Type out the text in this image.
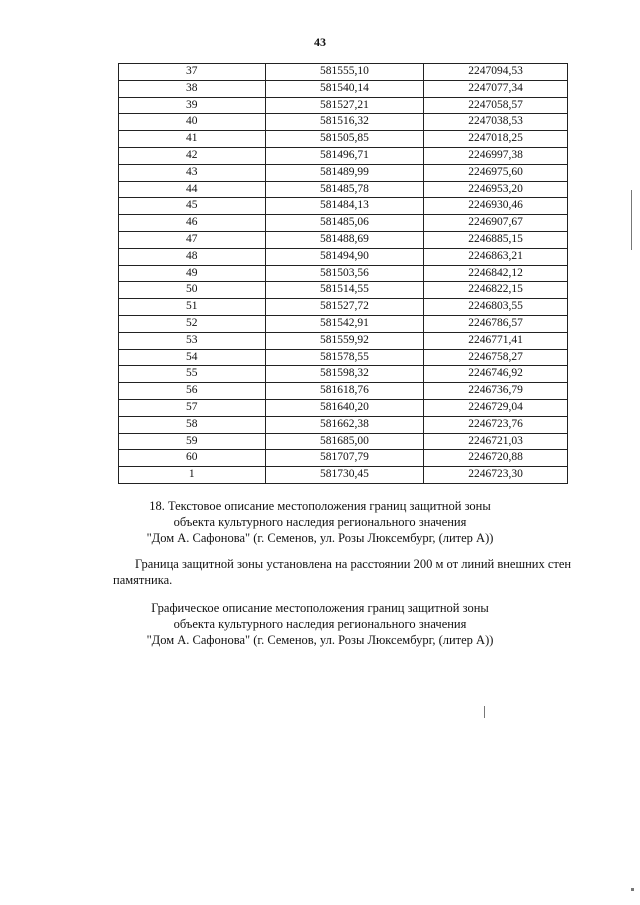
43
37	581555,10	2247094,53
38	581540,14	2247077,34
39	581527,21	2247058,57
40	581516,32	2247038,53
41	581505,85	2247018,25
42	581496,71	2246997,38
43	581489,99	2246975,60
44	581485,78	2246953,20
45	581484,13	2246930,46
46	581485,06	2246907,67
47	581488,69	2246885,15
48	581494,90	2246863,21
49	581503,56	2246842,12
50	581514,55	2246822,15
51	581527,72	2246803,55
52	581542,91	2246786,57
53	581559,92	2246771,41
54	581578,55	2246758,27
55	581598,32	2246746,92
56	581618,76	2246736,79
57	581640,20	2246729,04
58	581662,38	2246723,76
59	581685,00	2246721,03
60	581707,79	2246720,88
1	581730,45	2246723,30
18. Текстовое описание местоположения границ защитной зоны
объекта культурного наследия регионального значения
"Дом А. Сафонова" (г. Семенов, ул. Розы Люксембург, (литер А))
Граница защитной зоны установлена на расстоянии 200 м от линий внешних стен
памятника.
Графическое описание местоположения границ защитной зоны
объекта культурного наследия регионального значения
"Дом А. Сафонова" (г. Семенов, ул. Розы Люксембург, (литер А))
